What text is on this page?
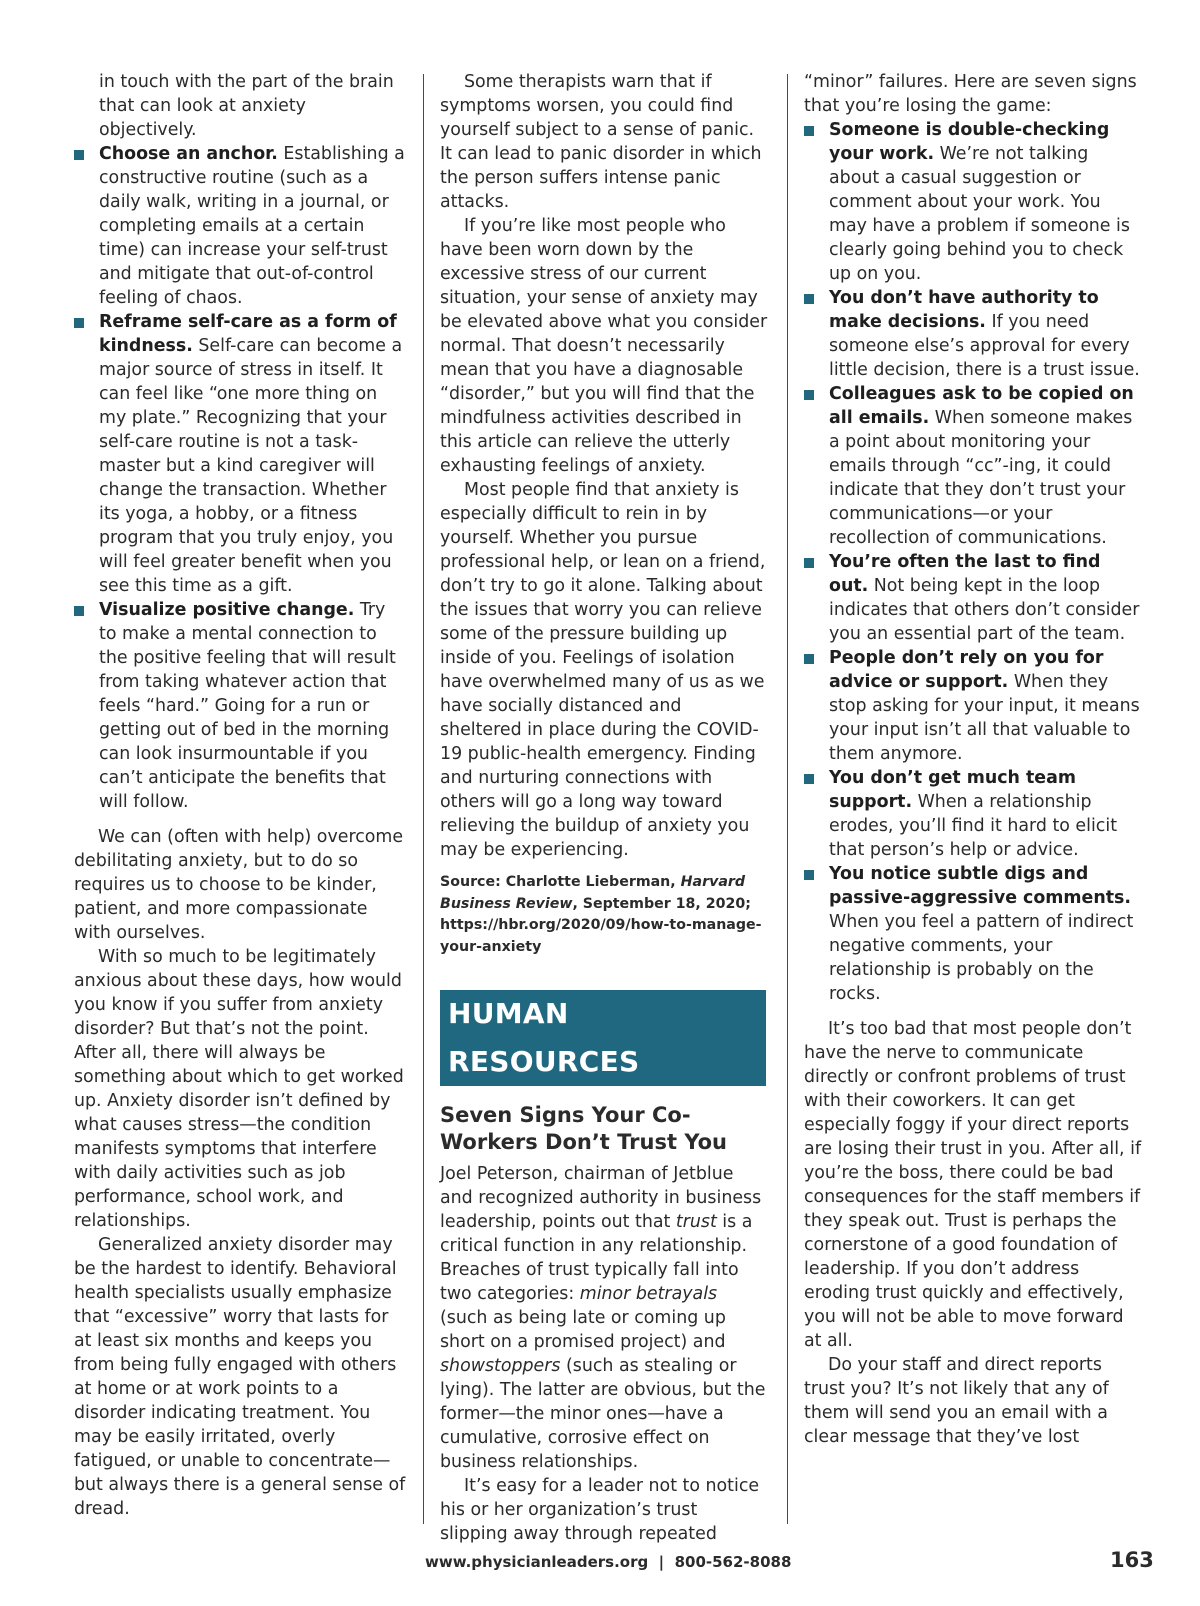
in touch with the part of the brain that can look at anxiety objectively.

Choose an anchor. Establishing a constructive routine (such as a daily walk, writing in a journal, or completing emails at a certain time) can increase your self-trust and mitigate that out-of-control feeling of chaos.
Reframe self-care as a form of kindness. Self-care can become a major source of stress in itself. It can feel like “one more thing on my plate.” Recognizing that your self-care routine is not a task-master but a kind caregiver will change the transaction. Whether its yoga, a hobby, or a fitness program that you truly enjoy, you will feel greater benefit when you see this time as a gift.
Visualize positive change. Try to make a mental connection to the positive feeling that will result from taking whatever action that feels “hard.” Going for a run or getting out of bed in the morning can look insurmountable if you can’t anticipate the benefits that will follow.

We can (often with help) overcome debilitating anxiety, but to do so requires us to choose to be kinder, patient, and more compassionate with ourselves.

With so much to be legitimately anxious about these days, how would you know if you suffer from anxiety disorder? But that’s not the point. After all, there will always be something about which to get worked up. Anxiety disorder isn’t defined by what causes stress—the condition manifests symptoms that interfere with daily activities such as job performance, school work, and relationships.

Generalized anxiety disorder may be the hardest to identify. Behavioral health specialists usually emphasize that “excessive” worry that lasts for at least six months and keeps you from being fully engaged with others at home or at work points to a disorder indicating treatment. You may be easily irritated, overly fatigued, or unable to concentrate—but always there is a general sense of dread.

Some therapists warn that if symptoms worsen, you could find yourself subject to a sense of panic. It can lead to panic disorder in which the person suffers intense panic attacks.

If you’re like most people who have been worn down by the excessive stress of our current situation, your sense of anxiety may be elevated above what you consider normal. That doesn’t necessarily mean that you have a diagnosable “disorder,” but you will find that the mindfulness activities described in this article can relieve the utterly exhausting feelings of anxiety.

Most people find that anxiety is especially difficult to rein in by yourself. Whether you pursue professional help, or lean on a friend, don’t try to go it alone. Talking about the issues that worry you can relieve some of the pressure building up inside of you. Feelings of isolation have overwhelmed many of us as we have socially distanced and sheltered in place during the COVID-19 public-health emergency. Finding and nurturing connections with others will go a long way toward relieving the buildup of anxiety you may be experiencing.

Source: Charlotte Lieberman, Harvard Business Review, September 18, 2020; https://hbr.org/2020/09/how-to-manage-your-anxiety

HUMAN RESOURCES
Seven Signs Your Co-Workers Don’t Trust You

Joel Peterson, chairman of Jetblue and recognized authority in business leadership, points out that trust is a critical function in any relationship. Breaches of trust typically fall into two categories: minor betrayals (such as being late or coming up short on a promised project) and showstoppers (such as stealing or lying). The latter are obvious, but the former—the minor ones—have a cumulative, corrosive effect on business relationships.

It’s easy for a leader not to notice his or her organization’s trust slipping away through repeated

“minor” failures. Here are seven signs that you’re losing the game:

Someone is double-checking your work. We’re not talking about a casual suggestion or comment about your work. You may have a problem if someone is clearly going behind you to check up on you.
You don’t have authority to make decisions. If you need someone else’s approval for every little decision, there is a trust issue.
Colleagues ask to be copied on all emails. When someone makes a point about monitoring your emails through “cc”-ing, it could indicate that they don’t trust your communications—or your recollection of communications.
You’re often the last to find out. Not being kept in the loop indicates that others don’t consider you an essential part of the team.
People don’t rely on you for advice or support. When they stop asking for your input, it means your input isn’t all that valuable to them anymore.
You don’t get much team support. When a relationship erodes, you’ll find it hard to elicit that person’s help or advice.
You notice subtle digs and passive-aggressive comments. When you feel a pattern of indirect negative comments, your relationship is probably on the rocks.

It’s too bad that most people don’t have the nerve to communicate directly or confront problems of trust with their coworkers. It can get especially foggy if your direct reports are losing their trust in you. After all, if you’re the boss, there could be bad consequences for the staff members if they speak out. Trust is perhaps the cornerstone of a good foundation of leadership. If you don’t address eroding trust quickly and effectively, you will not be able to move forward at all.

Do your staff and direct reports trust you? It’s not likely that any of them will send you an email with a clear message that they’ve lost

www.physicianleaders.org  |  800-562-8088	163
